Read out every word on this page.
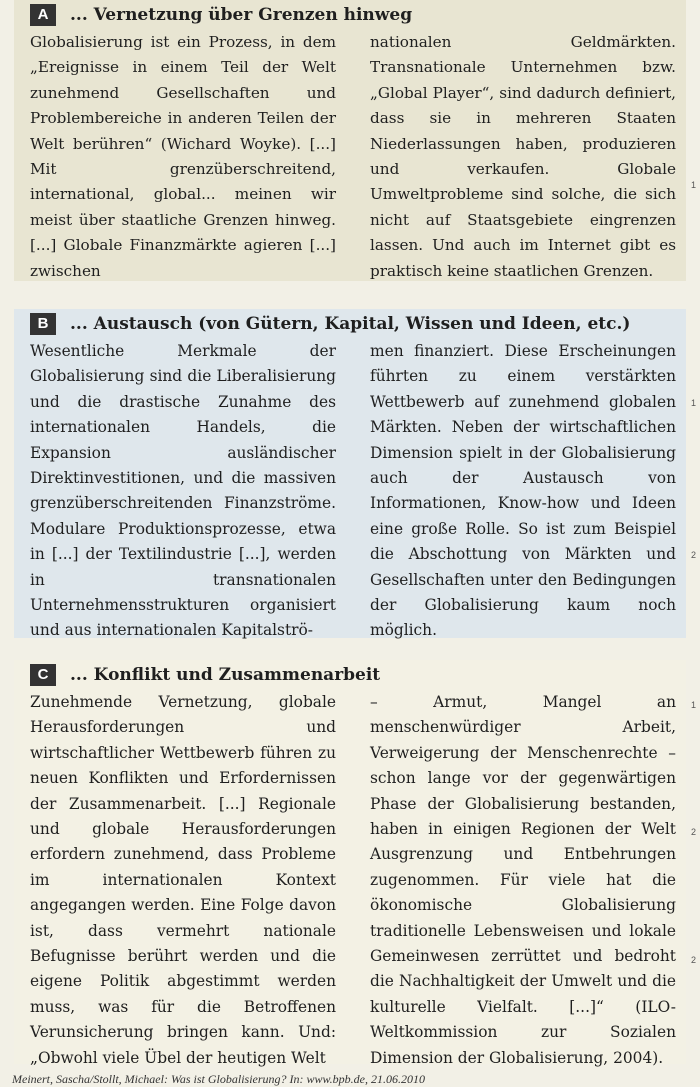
A	... Vernetzung über Grenzen hinweg
Globalisierung ist ein Prozess, in dem „Ereignisse in einem Teil der Welt zunehmend Gesellschaften und Problembereiche in anderen Teilen der Welt berühren“ (Wichard Woyke). [...] Mit grenzüberschreitend, international, global... meinen wir meist über staatliche Grenzen hinweg. [...] Globale Finanzmärkte agieren [...] zwischen
nationalen Geldmärkten. Transnationale Unternehmen bzw. „Global Player“, sind dadurch definiert, dass sie in mehreren Staaten Niederlassungen haben, produzieren und verkaufen. Globale Umweltprobleme sind solche, die sich nicht auf Staatsgebiete eingrenzen lassen. Und auch im Internet gibt es praktisch keine staatlichen Grenzen.
B	... Austausch (von Gütern, Kapital, Wissen und Ideen, etc.)
Wesentliche Merkmale der Globalisierung sind die Liberalisierung und die drastische Zunahme des internationalen Handels, die Expansion ausländischer Direktinvestitionen, und die massiven grenzüberschreitenden Finanzströme. Modulare Produktionsprozesse, etwa in [...] der Textilindustrie [...], werden in transnationalen Unternehmensstrukturen organisiert und aus internationalen Kapitalströ-
men finanziert. Diese Erscheinungen führten zu einem verstärkten Wettbewerb auf zunehmend globalen Märkten. Neben der wirtschaftlichen Dimension spielt in der Globalisierung auch der Austausch von Informationen, Know-how und Ideen eine große Rolle. So ist zum Beispiel die Abschottung von Märkten und Gesellschaften unter den Bedingungen der Globalisierung kaum noch möglich.
C	... Konflikt und Zusammenarbeit
Zunehmende Vernetzung, globale Herausforderungen und wirtschaftlicher Wettbewerb führen zu neuen Konflikten und Erfordernissen der Zusammenarbeit. [...] Regionale und globale Herausforderungen erfordern zunehmend, dass Probleme im internationalen Kontext angegangen werden. Eine Folge davon ist, dass vermehrt nationale Befugnisse berührt werden und die eigene Politik abgestimmt werden muss, was für die Betroffenen Verunsicherung bringen kann. Und: „Obwohl viele Übel der heutigen Welt
– Armut, Mangel an menschenwürdiger Arbeit, Verweigerung der Menschenrechte – schon lange vor der gegenwärtigen Phase der Globalisierung bestanden, haben in einigen Regionen der Welt Ausgrenzung und Entbehrungen zugenommen. Für viele hat die ökonomische Globalisierung traditionelle Lebensweisen und lokale Gemeinwesen zerrüttet und bedroht die Nachhaltigkeit der Umwelt und die kulturelle Vielfalt. [...]“ (ILO-Weltkommission zur Sozialen Dimension der Globalisierung, 2004).
1
1
2
1
2
2
Meinert, Sascha/Stollt, Michael: Was ist Globalisierung? In: www.bpb.de, 21.06.2010
